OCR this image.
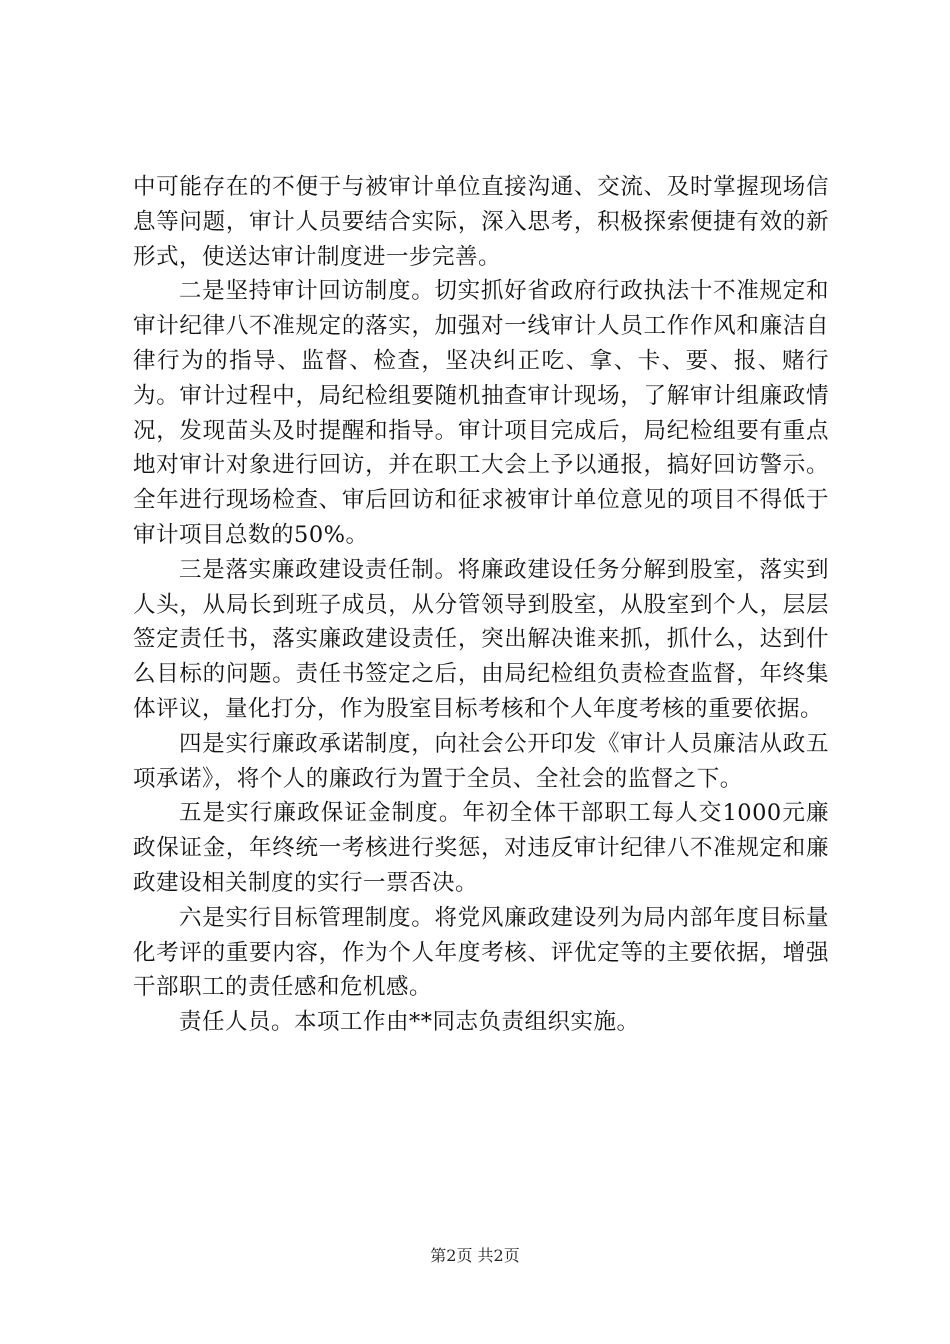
中可能存在的不便于与被审计单位直接沟通、交流、及时掌握现场信息等问题，审计人员要结合实际，深入思考，积极探索便捷有效的新形式，使送达审计制度进一步完善。

二是坚持审计回访制度。切实抓好省政府行政执法十不准规定和审计纪律八不准规定的落实，加强对一线审计人员工作作风和廉洁自律行为的指导、监督、检查，坚决纠正吃、拿、卡、要、报、赌行为。审计过程中，局纪检组要随机抽查审计现场，了解审计组廉政情况，发现苗头及时提醒和指导。审计项目完成后，局纪检组要有重点地对审计对象进行回访，并在职工大会上予以通报，搞好回访警示。全年进行现场检查、审后回访和征求被审计单位意见的项目不得低于审计项目总数的50%。

三是落实廉政建设责任制。将廉政建设任务分解到股室，落实到人头，从局长到班子成员，从分管领导到股室，从股室到个人，层层签定责任书，落实廉政建设责任，突出解决谁来抓，抓什么，达到什么目标的问题。责任书签定之后，由局纪检组负责检查监督，年终集体评议，量化打分，作为股室目标考核和个人年度考核的重要依据。

四是实行廉政承诺制度，向社会公开印发《审计人员廉洁从政五项承诺》，将个人的廉政行为置于全员、全社会的监督之下。

五是实行廉政保证金制度。年初全体干部职工每人交1000元廉政保证金，年终统一考核进行奖惩，对违反审计纪律八不准规定和廉政建设相关制度的实行一票否决。

六是实行目标管理制度。将党风廉政建设列为局内部年度目标量化考评的重要内容，作为个人年度考核、评优定等的主要依据，增强干部职工的责任感和危机感。

责任人员。本项工作由**同志负责组织实施。

第2页 共2页
